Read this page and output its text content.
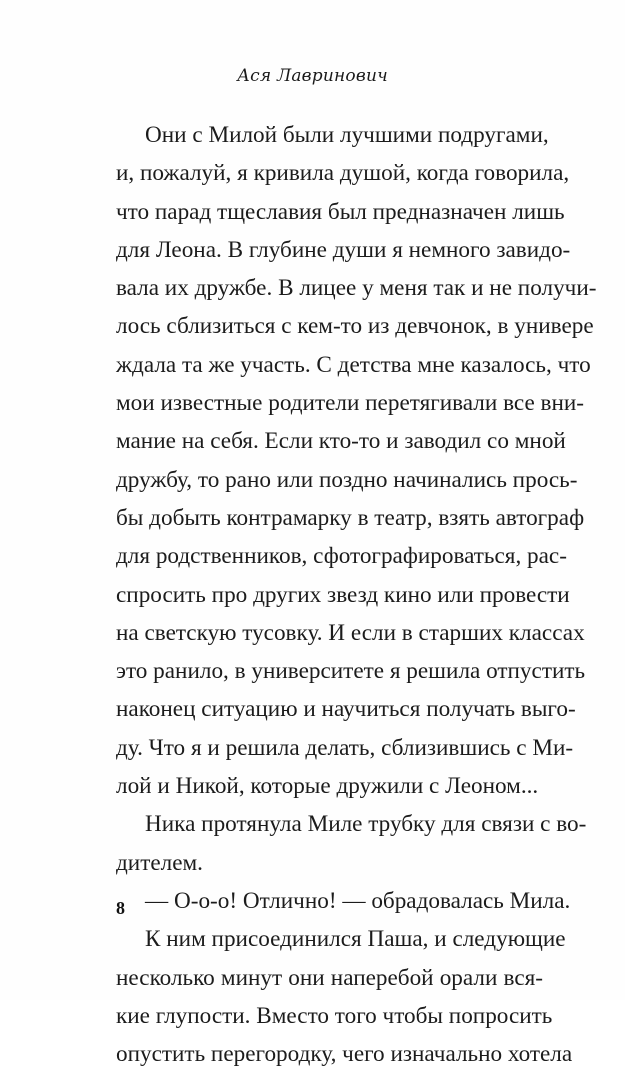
Ася Лавринович
Они с Милой были лучшими подругами,
и, пожалуй, я кривила душой, когда говорила,
что парад тщеславия был предназначен лишь
для Леона. В глубине души я немного завидо-
вала их дружбе. В лицее у меня так и не получи-
лось сблизиться с кем-то из девчонок, в универе
ждала та же участь. С детства мне казалось, что
мои известные родители перетягивали все вни-
мание на себя. Если кто-то и заводил со мной
дружбу, то рано или поздно начинались прось-
бы добыть контрамарку в театр, взять автограф
для родственников, сфотографироваться, рас-
спросить про других звезд кино или провести
на светскую тусовку. И если в старших классах
это ранило, в университете я решила отпустить
наконец ситуацию и научиться получать выго-
ду. Что я и решила делать, сблизившись с Ми-
лой и Никой, которые дружили с Леоном...
Ника протянула Миле трубку для связи с во-
дителем.
— О-о-о! Отлично! — обрадовалась Мила.
К ним присоединился Паша, и следующие
несколько минут они наперебой орали вся-
кие глупости. Вместо того чтобы попросить
опустить перегородку, чего изначально хотела
8
